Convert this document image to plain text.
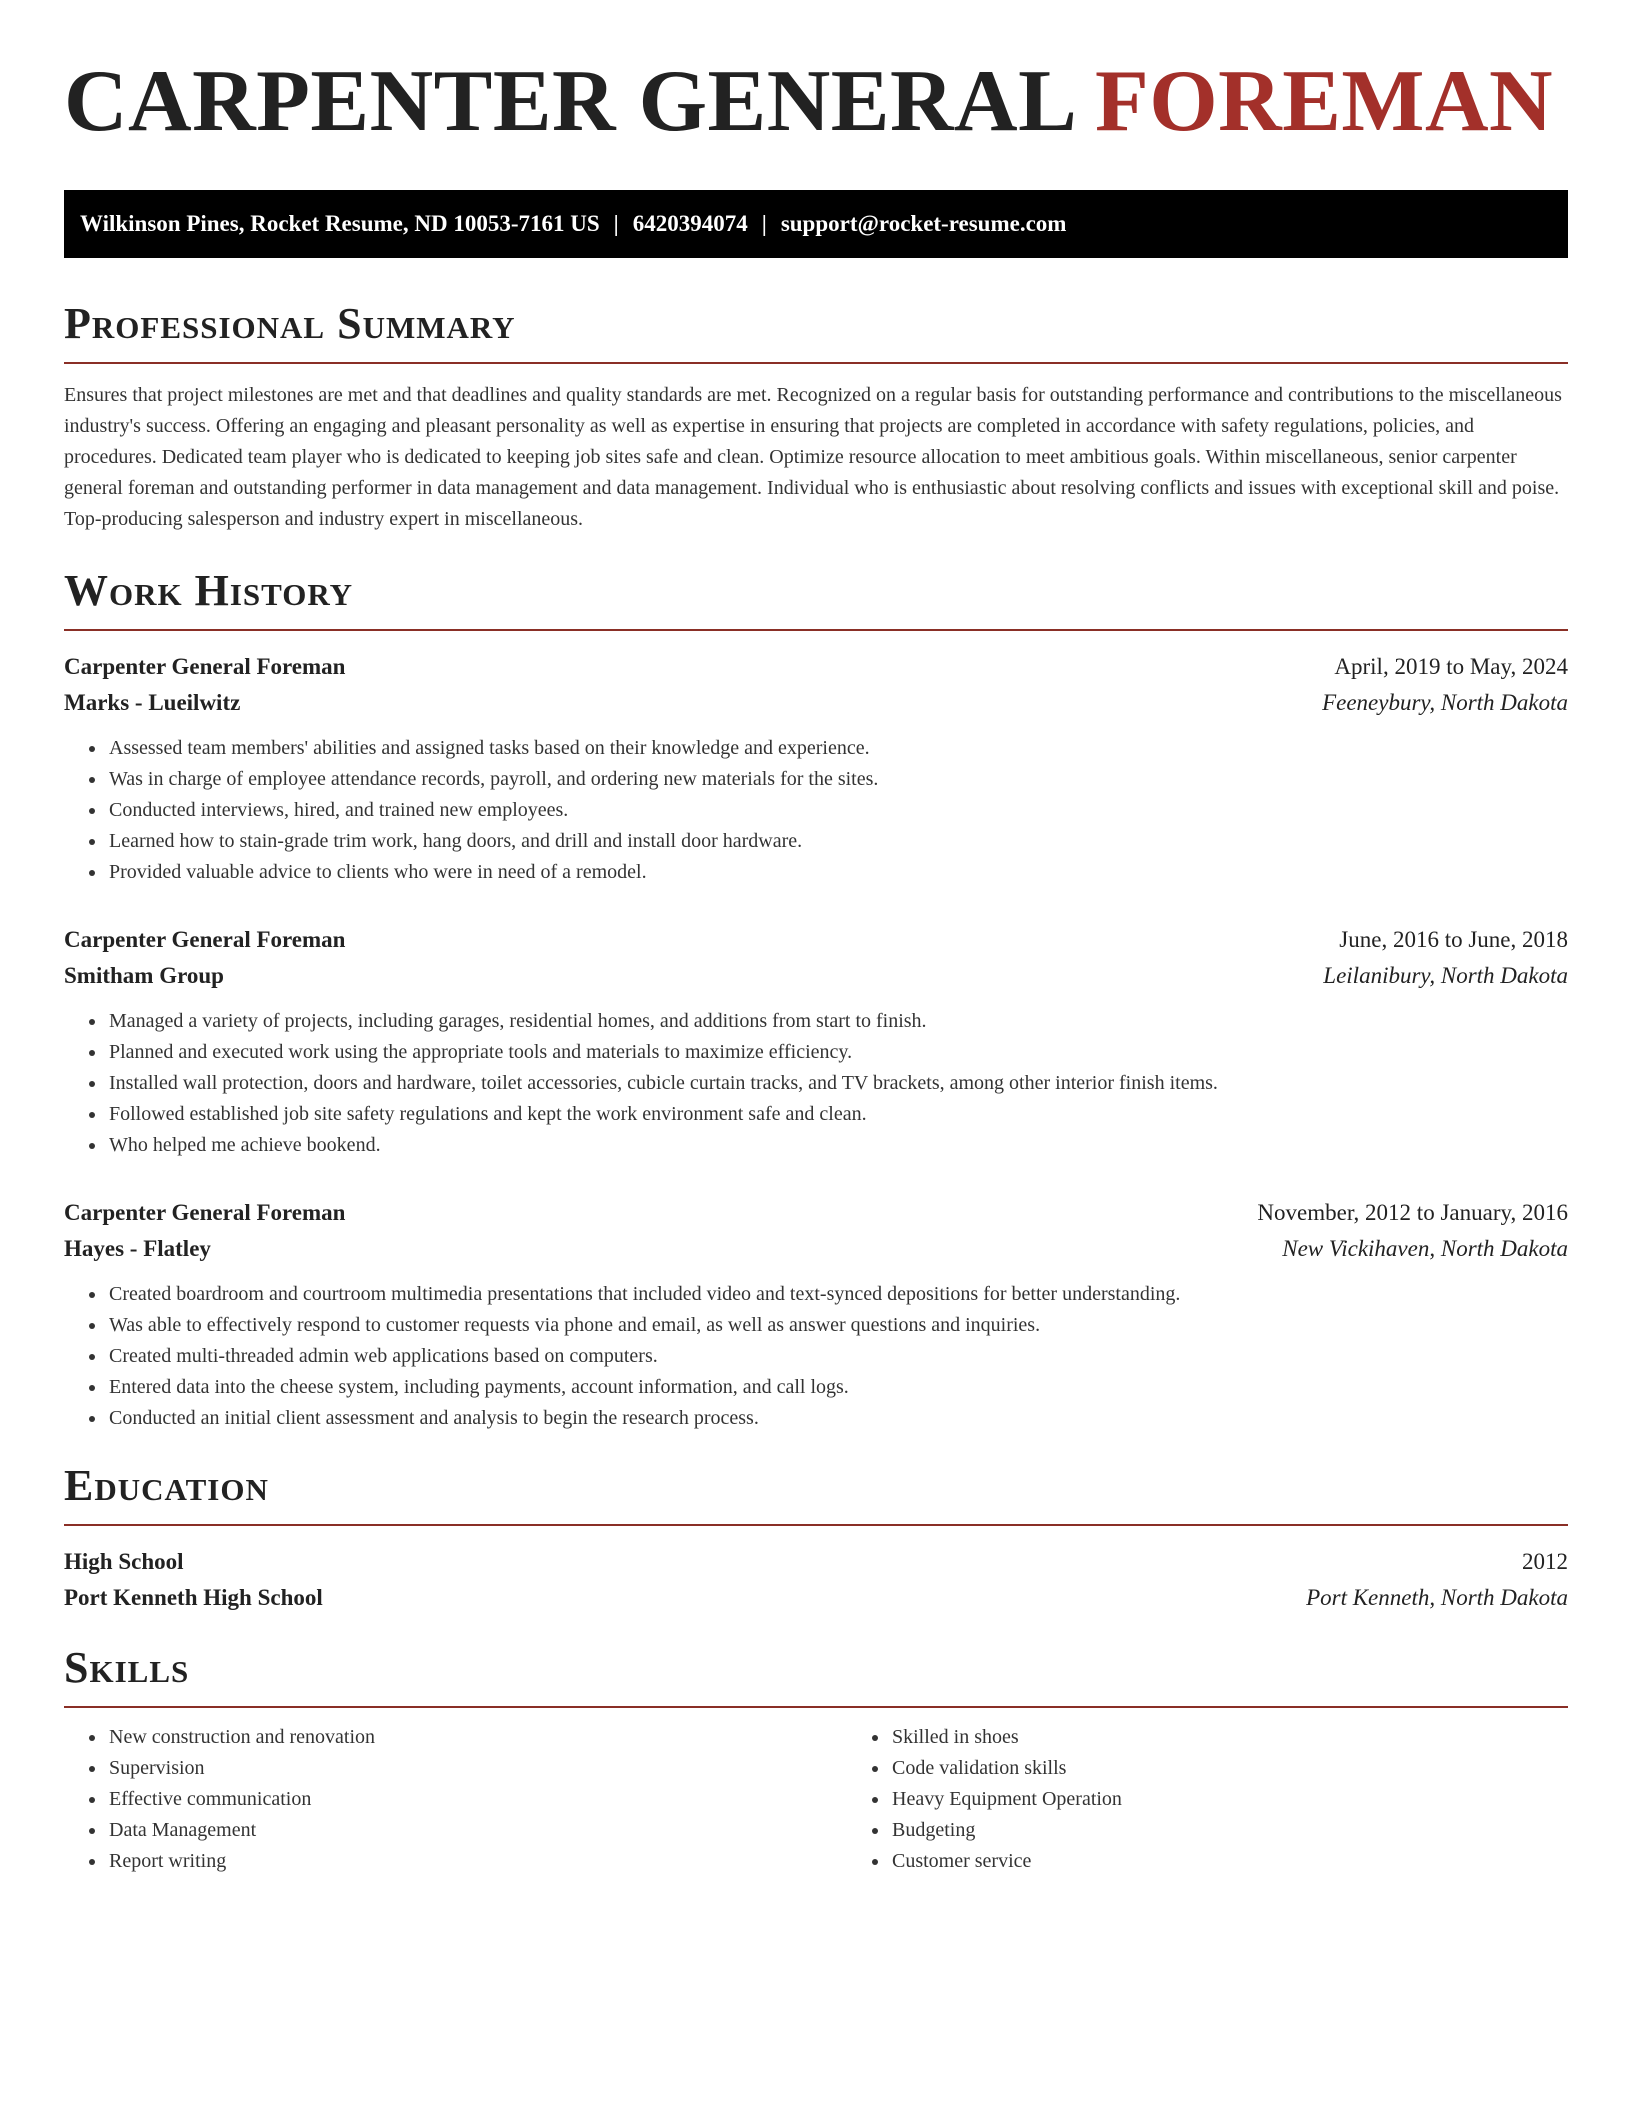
CARPENTER GENERAL FOREMAN
Wilkinson Pines, Rocket Resume, ND 10053-7161 US | 6420394074 | support@rocket-resume.com
Professional Summary

Ensures that project milestones are met and that deadlines and quality standards are met. Recognized on a regular basis for outstanding performance and contributions to the miscellaneous industry's success. Offering an engaging and pleasant personality as well as expertise in ensuring that projects are completed in accordance with safety regulations, policies, and procedures. Dedicated team player who is dedicated to keeping job sites safe and clean. Optimize resource allocation to meet ambitious goals. Within miscellaneous, senior carpenter general foreman and outstanding performer in data management and data management. Individual who is enthusiastic about resolving conflicts and issues with exceptional skill and poise. Top-producing salesperson and industry expert in miscellaneous.

Work History
Carpenter General Foreman	April, 2019 to May, 2024
Marks - Lueilwitz	Feeneybury, North Dakota
• Assessed team members' abilities and assigned tasks based on their knowledge and experience.
• Was in charge of employee attendance records, payroll, and ordering new materials for the sites.
• Conducted interviews, hired, and trained new employees.
• Learned how to stain-grade trim work, hang doors, and drill and install door hardware.
• Provided valuable advice to clients who were in need of a remodel.
Carpenter General Foreman	June, 2016 to June, 2018
Smitham Group	Leilanibury, North Dakota
• Managed a variety of projects, including garages, residential homes, and additions from start to finish.
• Planned and executed work using the appropriate tools and materials to maximize efficiency.
• Installed wall protection, doors and hardware, toilet accessories, cubicle curtain tracks, and TV brackets, among other interior finish items.
• Followed established job site safety regulations and kept the work environment safe and clean.
• Who helped me achieve bookend.
Carpenter General Foreman	November, 2012 to January, 2016
Hayes - Flatley	New Vickihaven, North Dakota
• Created boardroom and courtroom multimedia presentations that included video and text-synced depositions for better understanding.
• Was able to effectively respond to customer requests via phone and email, as well as answer questions and inquiries.
• Created multi-threaded admin web applications based on computers.
• Entered data into the cheese system, including payments, account information, and call logs.
• Conducted an initial client assessment and analysis to begin the research process.
Education
High School	2012
Port Kenneth High School	Port Kenneth, North Dakota
Skills
• New construction and renovation
• Supervision
• Effective communication
• Data Management
• Report writing
• Skilled in shoes
• Code validation skills
• Heavy Equipment Operation
• Budgeting
• Customer service
